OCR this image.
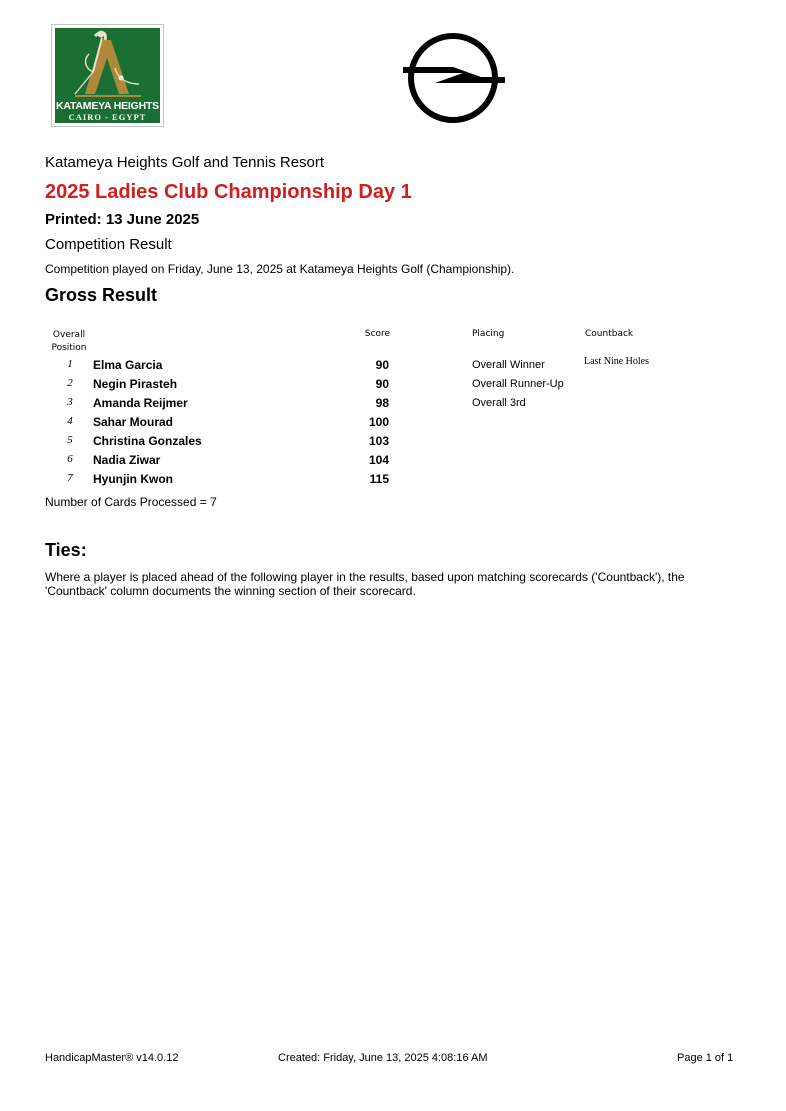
KATAMEYA HEIGHTS
CAIRO - EGYPT
Katameya Heights Golf and Tennis Resort
2025 Ladies Club Championship Day 1
Printed: 13 June 2025
Competition Result
Competition played on Friday, June 13, 2025 at Katameya Heights Golf (Championship).
Gross Result
Overall
Position
Score	Placing	Countback
1	Elma Garcia	90	Overall Winner	Last Nine Holes
2	Negin Pirasteh	90	Overall Runner-Up
3	Amanda Reijmer	98	Overall 3rd
4	Sahar Mourad	100
5	Christina Gonzales	103
6	Nadia Ziwar	104
7	Hyunjin Kwon	115
Number of Cards Processed = 7
Ties:
Where a player is placed ahead of the following player in the results, based upon matching scorecards ('Countback'), the 'Countback' column documents the winning section of their scorecard.
HandicapMaster® v14.0.12	Created: Friday, June 13, 2025 4:08:16 AM	Page 1 of 1
